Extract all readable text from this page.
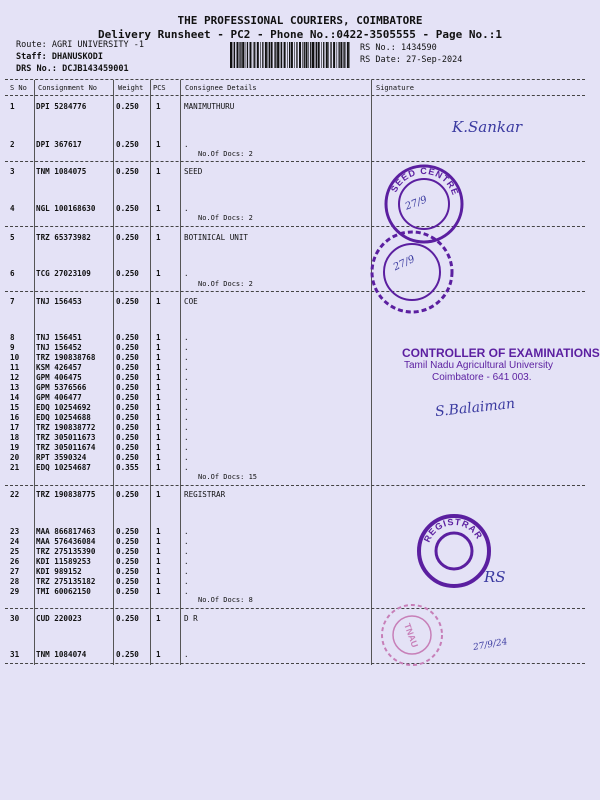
THE PROFESSIONAL COURIERS, COIMBATORE
Delivery Runsheet - PC2 - Phone No.:0422-3505555 - Page No.:1
Route: AGRI UNIVERSITY -1
Staff: DHANUSKODI
DRS No.: DCJB143459001
RS No.: 1434590
RS Date: 27-Sep-2024
S No Consignment No	Weight PCS	Consignee Details	Signature
1	DPI 5284776	0.250 1	MANIMUTHURU
2	DPI 367617	0.250 1	.
3	TNM 1084075	0.250 1	SEED
4	NGL 100168630	0.250 1	.
5	TRZ 65373982	0.250 1	BOTINICAL UNIT
6	TCG 27023109	0.250 1	.
7	TNJ 156453	0.250 1	COE
8	TNJ 156451	0.250 1	.
9	TNJ 156452	0.250 1	.
10 TRZ 190838768	0.250 1	.
11 KSM 426457	0.250 1	.
12 GPM 406475	0.250 1	.
13 GPM 5376566	0.250 1	.
14 GPM 406477	0.250 1	.
15 EDQ 10254692	0.250 1	.
16 EDQ 10254688	0.250 1	.
17 TRZ 190838772	0.250 1	.
18 TRZ 305011673	0.250 1	.
19 TRZ 305011674	0.250 1	.
20 RPT 3590324	0.250 1	.
21 EDQ 10254687	0.355 1	.
22 TRZ 190838775	0.250 1	REGISTRAR
23 MAA 866817463	0.250 1	.
24 MAA 576436084	0.250 1	.
25 TRZ 275135390	0.250 1	.
26 KDI 11589253	0.250 1	.
27 KDI 989152	0.250 1	.
28 TRZ 275135182	0.250 1	.
29 TMI 60062150	0.250 1	.
30 CUD 220023	0.250 1	D R
31 TNM 1084074	0.250 1	.
No.Of Docs: 2
No.Of Docs: 2
No.Of Docs: 2
No.Of Docs: 15
No.Of Docs: 8
K.Sankar
SEED CENTRE
27/9
27/9
CONTROLLER OF EXAMINATIONS
Tamil Nadu Agricultural University
Coimbatore - 641 003.
S.Balaiman
REGISTRAR
RS
TNAU	27/9/24
